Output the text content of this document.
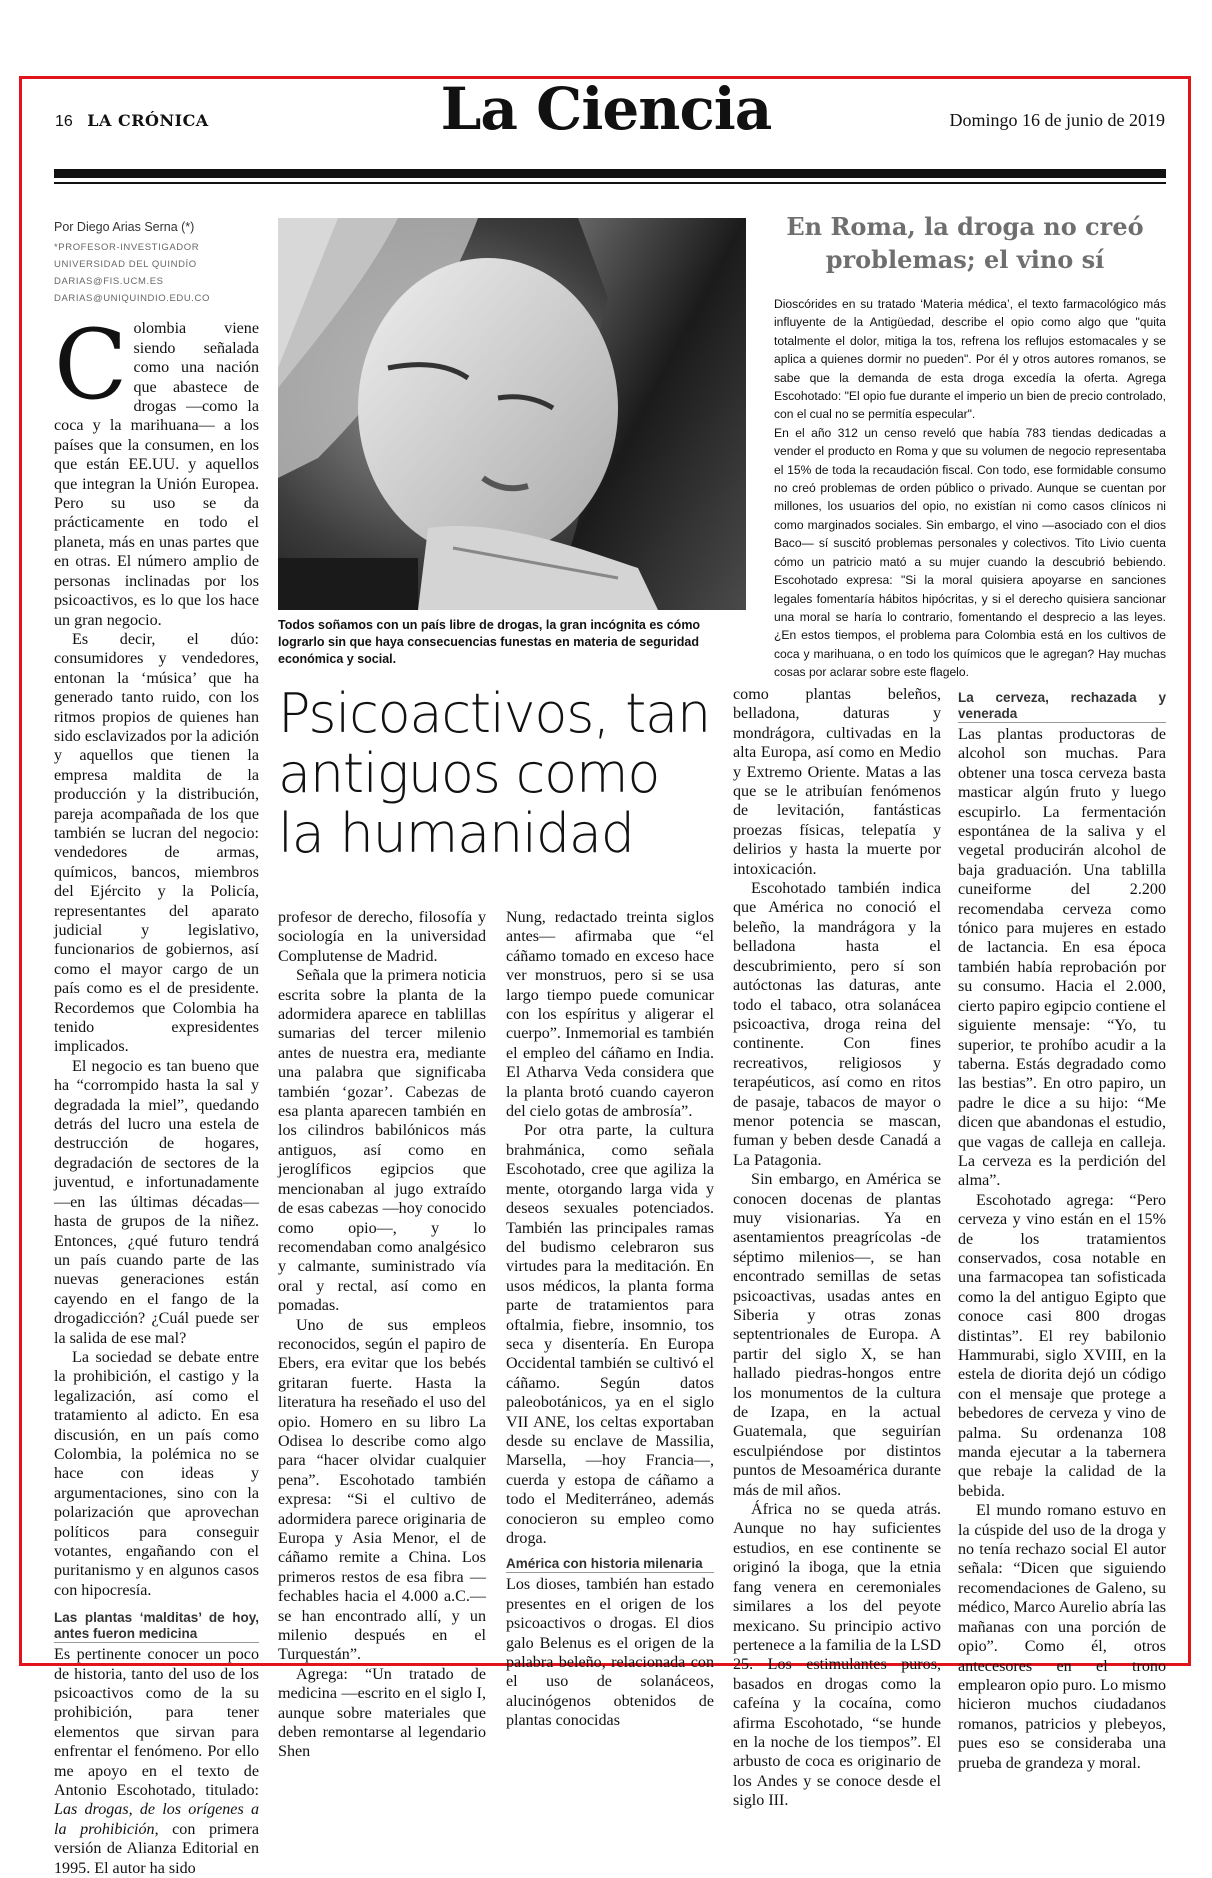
16 LA CRÓNICA	La Ciencia	Domingo 16 de junio de 2019
Por Diego Arias Serna (*)
*PROFESOR-INVESTIGADOR UNIVERSIDAD DEL QUINDÍO
DARIAS@FIS.UCM.ES
DARIAS@UNIQUINDIO.EDU.CO

Colombia viene siendo señalada como una nación que abastece de drogas —como la coca y la marihuana— a los países que la consumen, en los que están EE.UU. y aquellos que integran la Unión Europea. Pero su uso se da prácticamente en todo el planeta, más en unas partes que en otras. El número amplio de personas inclinadas por los psicoactivos, es lo que los hace un gran negocio.

Es decir, el dúo: consumidores y vendedores, entonan la ‘música’ que ha generado tanto ruido, con los ritmos propios de quienes han sido esclavizados por la adición y aquellos que tienen la empresa maldita de la producción y la distribución, pareja acompañada de los que también se lucran del negocio: vendedores de armas, químicos, bancos, miembros del Ejército y la Policía, representantes del aparato judicial y legislativo, funcionarios de gobiernos, así como el mayor cargo de un país como es el de presidente. Recordemos que Colombia ha tenido expresidentes implicados.

El negocio es tan bueno que ha “corrompido hasta la sal y degradada la miel”, quedando detrás del lucro una estela de destrucción de hogares, degradación de sectores de la juventud, e infortunadamente —en las últimas décadas— hasta de grupos de la niñez. Entonces, ¿qué futuro tendrá un país cuando parte de las nuevas generaciones están cayendo en el fango de la drogadicción? ¿Cuál puede ser la salida de ese mal?

La sociedad se debate entre la prohibición, el castigo y la legalización, así como el tratamiento al adicto. En esa discusión, en un país como Colombia, la polémica no se hace con ideas y argumentaciones, sino con la polarización que aprovechan políticos para conseguir votantes, engañando con el puritanismo y en algunos casos con hipocresía.

Las plantas ‘malditas’ de hoy, antes fueron medicina

Es pertinente conocer un poco de historia, tanto del uso de los psicoactivos como de la su prohibición, para tener elementos que sirvan para enfrentar el fenómeno. Por ello me apoyo en el texto de Antonio Escohotado, titulado: Las drogas, de los orígenes a la prohibición, con primera versión de Alianza Editorial en 1995. El autor ha sido

Todos soñamos con un país libre de drogas, la gran incógnita es cómo lograrlo sin que haya consecuencias funestas en materia de seguridad económica y social.
Psicoactivos, tan antiguos como la humanidad

profesor de derecho, filosofía y sociología en la universidad Complutense de Madrid.

Señala que la primera noticia escrita sobre la planta de la adormidera aparece en tablillas sumarias del tercer milenio antes de nuestra era, mediante una palabra que significaba también ‘gozar’. Cabezas de esa planta aparecen también en los cilindros babilónicos más antiguos, así como en jeroglíficos egipcios que mencionaban al jugo extraído de esas cabezas —hoy conocido como opio—, y lo recomendaban como analgésico y calmante, suministrado vía oral y rectal, así como en pomadas.

Uno de sus empleos reconocidos, según el papiro de Ebers, era evitar que los bebés gritaran fuerte. Hasta la literatura ha reseñado el uso del opio. Homero en su libro La Odisea lo describe como algo para “hacer olvidar cualquier pena”. Escohotado también expresa: “Si el cultivo de adormidera parece originaria de Europa y Asia Menor, el de cáñamo remite a China. Los primeros restos de esa fibra —fechables hacia el 4.000 a.C.— se han encontrado allí, y un milenio después en el Turquestán”.

Agrega: “Un tratado de medicina —escrito en el siglo I, aunque sobre materiales que deben remontarse al legendario Shen

Nung, redactado treinta siglos antes— afirmaba que “el cáñamo tomado en exceso hace ver monstruos, pero si se usa largo tiempo puede comunicar con los espíritus y aligerar el cuerpo”. Inmemorial es también el empleo del cáñamo en India. El Atharva Veda considera que la planta brotó cuando cayeron del cielo gotas de ambrosía”.

Por otra parte, la cultura brahmánica, como señala Escohotado, cree que agiliza la mente, otorgando larga vida y deseos sexuales potenciados. También las principales ramas del budismo celebraron sus virtudes para la meditación. En usos médicos, la planta forma parte de tratamientos para oftalmia, fiebre, insomnio, tos seca y disentería. En Europa Occidental también se cultivó el cáñamo. Según datos paleobotánicos, ya en el siglo VII ANE, los celtas exportaban desde su enclave de Massilia, Marsella, —hoy Francia—, cuerda y estopa de cáñamo a todo el Mediterráneo, además conocieron su empleo como droga.

América con historia milenaria

Los dioses, también han estado presentes en el origen de los psicoactivos o drogas. El dios galo Belenus es el origen de la palabra beleño, relacionada con el uso de solanáceos, alucinógenos obtenidos de plantas conocidas

como plantas beleños, belladona, daturas y mondrágora, cultivadas en la alta Europa, así como en Medio y Extremo Oriente. Matas a las que se le atribuían fenómenos de levitación, fantásticas proezas físicas, telepatía y delirios y hasta la muerte por intoxicación.

Escohotado también indica que América no conoció el beleño, la mandrágora y la belladona hasta el descubrimiento, pero sí son autóctonas las daturas, ante todo el tabaco, otra solanácea psicoactiva, droga reina del continente. Con fines recreativos, religiosos y terapéuticos, así como en ritos de pasaje, tabacos de mayor o menor potencia se mascan, fuman y beben desde Canadá a La Patagonia.

Sin embargo, en América se conocen docenas de plantas muy visionarias. Ya en asentamientos preagrícolas -de séptimo milenios—, se han encontrado semillas de setas psicoactivas, usadas antes en Siberia y otras zonas septentrionales de Europa. A partir del siglo X, se han hallado piedras-hongos entre los monumentos de la cultura de Izapa, en la actual Guatemala, que seguirían esculpiéndose por distintos puntos de Mesoamérica durante más de mil años.

África no se queda atrás. Aunque no hay suficientes estudios, en ese continente se originó la iboga, que la etnia fang venera en ceremoniales similares a los del peyote mexicano. Su principio activo pertenece a la familia de la LSD 25. Los estimulantes puros, basados en drogas como la cafeína y la cocaína, como afirma Escohotado, “se hunde en la noche de los tiempos”. El arbusto de coca es originario de los Andes y se conoce desde el siglo III.

La cerveza, rechazada y venerada

Las plantas productoras de alcohol son muchas. Para obtener una tosca cerveza basta masticar algún fruto y luego escupirlo. La fermentación espontánea de la saliva y el vegetal producirán alcohol de baja graduación. Una tablilla cuneiforme del 2.200 recomendaba cerveza como tónico para mujeres en estado de lactancia. En esa época también había reprobación por su consumo. Hacia el 2.000, cierto papiro egipcio contiene el siguiente mensaje: “Yo, tu superior, te prohíbo acudir a la taberna. Estás degradado como las bestias”. En otro papiro, un padre le dice a su hijo: “Me dicen que abandonas el estudio, que vagas de calleja en calleja. La cerveza es la perdición del alma”.

Escohotado agrega: “Pero cerveza y vino están en el 15% de los tratamientos conservados, cosa notable en una farmacopea tan sofisticada como la del antiguo Egipto que conoce casi 800 drogas distintas”. El rey babilonio Hammurabi, siglo XVIII, en la estela de diorita dejó un código con el mensaje que protege a bebedores de cerveza y vino de palma. Su ordenanza 108 manda ejecutar a la tabernera que rebaje la calidad de la bebida.

El mundo romano estuvo en la cúspide del uso de la droga y no tenía rechazo social El autor señala: “Dicen que siguiendo recomendaciones de Galeno, su médico, Marco Aurelio abría las mañanas con una porción de opio”. Como él, otros antecesores en el trono emplearon opio puro. Lo mismo hicieron muchos ciudadanos romanos, patricios y plebeyos, pues eso se consideraba una prueba de grandeza y moral.

En Roma, la droga no creó problemas; el vino sí

Dioscórides en su tratado ‘Materia médica’, el texto farmacológico más influyente de la Antigüedad, describe el opio como algo que "quita totalmente el dolor, mitiga la tos, refrena los reflujos estomacales y se aplica a quienes dormir no pueden". Por él y otros autores romanos, se sabe que la demanda de esta droga excedía la oferta. Agrega Escohotado: "El opio fue durante el imperio un bien de precio controlado, con el cual no se permitía especular".

En el año 312 un censo reveló que había 783 tiendas dedicadas a vender el producto en Roma y que su volumen de negocio representaba el 15% de toda la recaudación fiscal. Con todo, ese formidable consumo no creó problemas de orden público o privado. Aunque se cuentan por millones, los usuarios del opio, no existían ni como casos clínicos ni como marginados sociales. Sin embargo, el vino —asociado con el dios Baco— sí suscitó problemas personales y colectivos. Tito Livio cuenta cómo un patricio mató a su mujer cuando la descubrió bebiendo. Escohotado expresa: "Si la moral quisiera apoyarse en sanciones legales fomentaría hábitos hipócritas, y si el derecho quisiera sancionar una moral se haría lo contrario, fomentando el desprecio a las leyes. ¿En estos tiempos, el problema para Colombia está en los cultivos de coca y marihuana, o en todo los químicos que le agregan? Hay muchas cosas por aclarar sobre este flagelo.
